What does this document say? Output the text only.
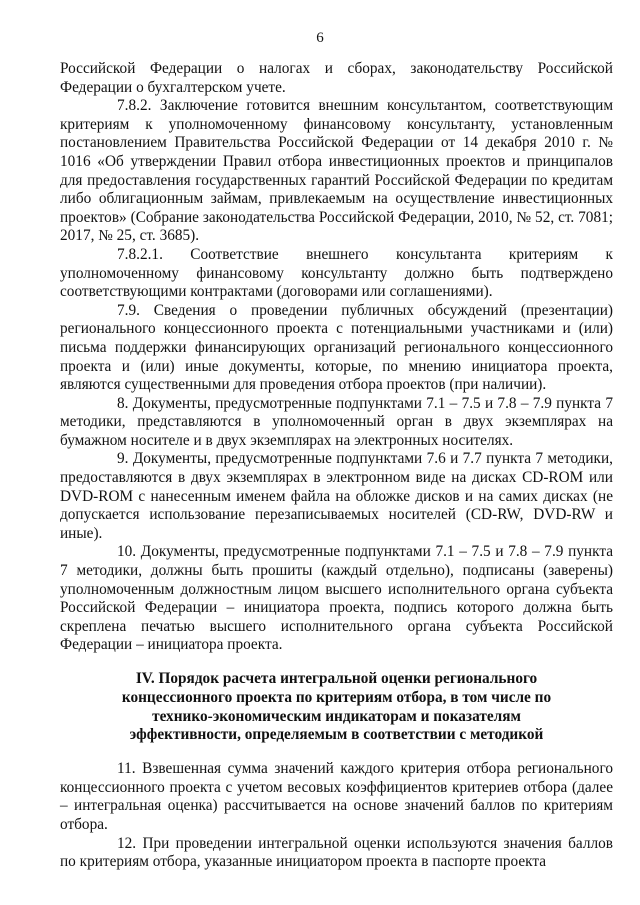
6

Российской Федерации о налогах и сборах, законодательству Российской Федерации о бухгалтерском учете.

7.8.2. Заключение готовится внешним консультантом, соответствующим критериям к уполномоченному финансовому консультанту, установленным постановлением Правительства Российской Федерации от 14 декабря 2010 г. № 1016 «Об утверждении Правил отбора инвестиционных проектов и принципалов для предоставления государственных гарантий Российской Федерации по кредитам либо облигационным займам, привлекаемым на осуществление инвестиционных проектов» (Собрание законодательства Российской Федерации, 2010, № 52, ст. 7081; 2017, № 25, ст. 3685).

7.8.2.1. Соответствие внешнего консультанта критериям к уполномоченному финансовому консультанту должно быть подтверждено соответствующими контрактами (договорами или соглашениями).

7.9. Сведения о проведении публичных обсуждений (презентации) регионального концессионного проекта с потенциальными участниками и (или) письма поддержки финансирующих организаций регионального концессионного проекта и (или) иные документы, которые, по мнению инициатора проекта, являются существенными для проведения отбора проектов (при наличии).

8. Документы, предусмотренные подпунктами 7.1 – 7.5 и 7.8 – 7.9 пункта 7 методики, представляются в уполномоченный орган в двух экземплярах на бумажном носителе и в двух экземплярах на электронных носителях.

9. Документы, предусмотренные подпунктами 7.6 и 7.7 пункта 7 методики, предоставляются в двух экземплярах в электронном виде на дисках CD-ROM или DVD-ROM с нанесенным именем файла на обложке дисков и на самих дисках (не допускается использование перезаписываемых носителей (CD-RW, DVD-RW и иные).

10. Документы, предусмотренные подпунктами 7.1 – 7.5 и 7.8 – 7.9 пункта 7 методики, должны быть прошиты (каждый отдельно), подписаны (заверены) уполномоченным должностным лицом высшего исполнительного органа субъекта Российской Федерации – инициатора проекта, подпись которого должна быть скреплена печатью высшего исполнительного органа субъекта Российской Федерации – инициатора проекта.

IV. Порядок расчета интегральной оценки регионального концессионного проекта по критериям отбора, в том числе по технико-экономическим индикаторам и показателям эффективности, определяемым в соответствии с методикой

11. Взвешенная сумма значений каждого критерия отбора регионального концессионного проекта с учетом весовых коэффициентов критериев отбора (далее – интегральная оценка) рассчитывается на основе значений баллов по критериям отбора.

12. При проведении интегральной оценки используются значения баллов по критериям отбора, указанные инициатором проекта в паспорте проекта
